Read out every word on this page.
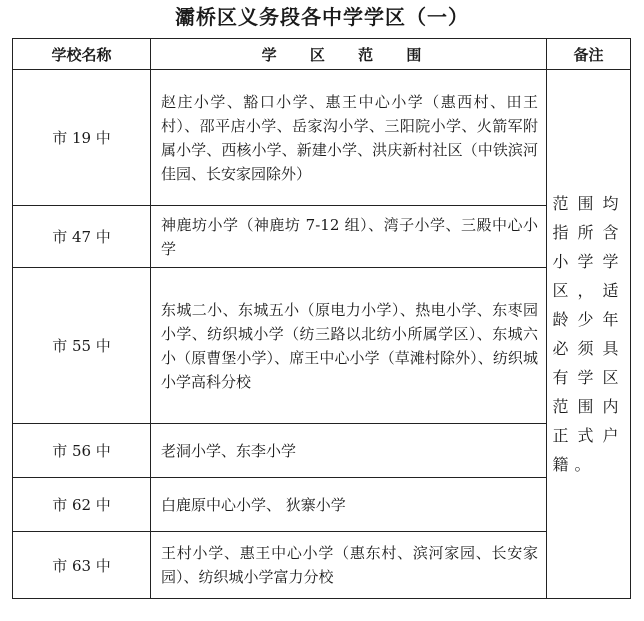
灞桥区义务段各中学学区（一）
学校名称	学 区 范 围	备注
市 19 中	赵庄小学、豁口小学、惠王中心小学（惠西村、田王村）、邵平店小学、岳家沟小学、三阳院小学、火箭军附属小学、西核小学、新建小学、洪庆新村社区（中铁滨河佳园、长安家园除外）	范围均指所含小学学区，适龄少年必须具有学区范围内正式户籍。

市 47 中	神鹿坊小学（神鹿坊 7-12 组）、湾子小学、三殿中心小学	
市 55 中	东城二小、东城五小（原电力小学）、热电小学、东枣园小学、纺织城小学（纺三路以北纺小所属学区）、东城六小（原曹堡小学）、席王中心小学（草滩村除外）、纺织城小学高科分校	
市 56 中	老洞小学、东李小学	
市 62 中	白鹿原中心小学、 狄寨小学	
市 63 中	王村小学、惠王中心小学（惠东村、滨河家园、长安家园）、纺织城小学富力分校	
